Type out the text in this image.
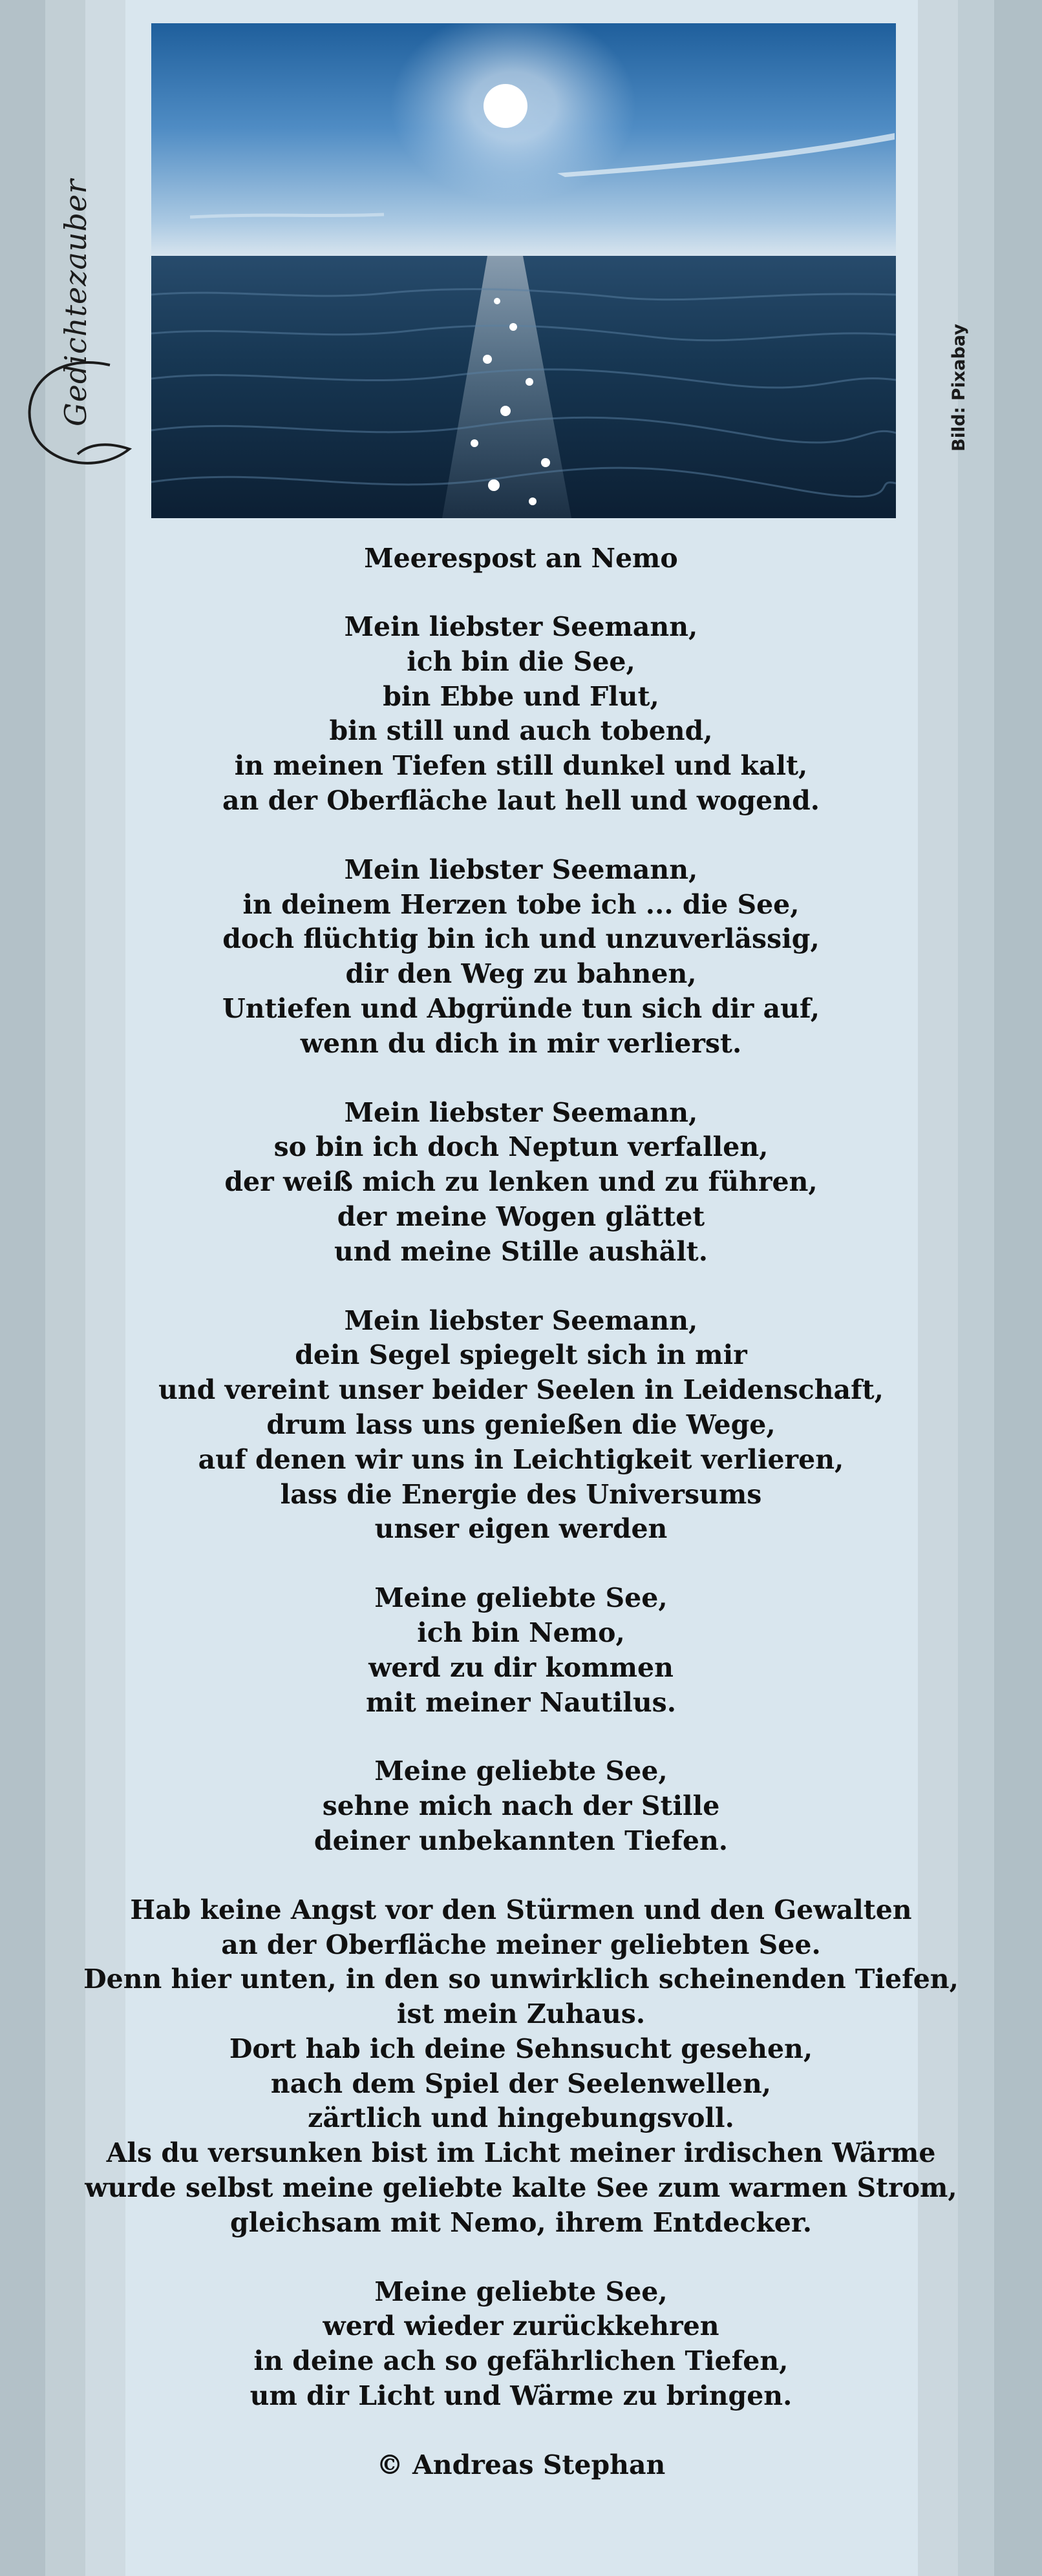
Bild: Pixabay
Gedichtezauber
Meerespost an Nemo
Mein liebster Seemann,
ich bin die See,
bin Ebbe und Flut,
bin still und auch tobend,
in meinen Tiefen still dunkel und kalt,
an der Oberfläche laut hell und wogend.
Mein liebster Seemann,
in deinem Herzen tobe ich ... die See,
doch flüchtig bin ich und unzuverlässig,
dir den Weg zu bahnen,
Untiefen und Abgründe tun sich dir auf,
wenn du dich in mir verlierst.
Mein liebster Seemann,
so bin ich doch Neptun verfallen,
der weiß mich zu lenken und zu führen,
der meine Wogen glättet
und meine Stille aushält.
Mein liebster Seemann,
dein Segel spiegelt sich in mir
und vereint unser beider Seelen in Leidenschaft,
drum lass uns genießen die Wege,
auf denen wir uns in Leichtigkeit verlieren,
lass die Energie des Universums
unser eigen werden
Meine geliebte See,
ich bin Nemo,
werd zu dir kommen
mit meiner Nautilus.
Meine geliebte See,
sehne mich nach der Stille
deiner unbekannten Tiefen.
Hab keine Angst vor den Stürmen und den Gewalten
an der Oberfläche meiner geliebten See.
Denn hier unten, in den so unwirklich scheinenden Tiefen,
ist mein Zuhaus.
Dort hab ich deine Sehnsucht gesehen,
nach dem Spiel der Seelenwellen,
zärtlich und hingebungsvoll.
Als du versunken bist im Licht meiner irdischen Wärme
wurde selbst meine geliebte kalte See zum warmen Strom,
gleichsam mit Nemo, ihrem Entdecker.
Meine geliebte See,
werd wieder zurückkehren
in deine ach so gefährlichen Tiefen,
um dir Licht und Wärme zu bringen.
© Andreas Stephan
